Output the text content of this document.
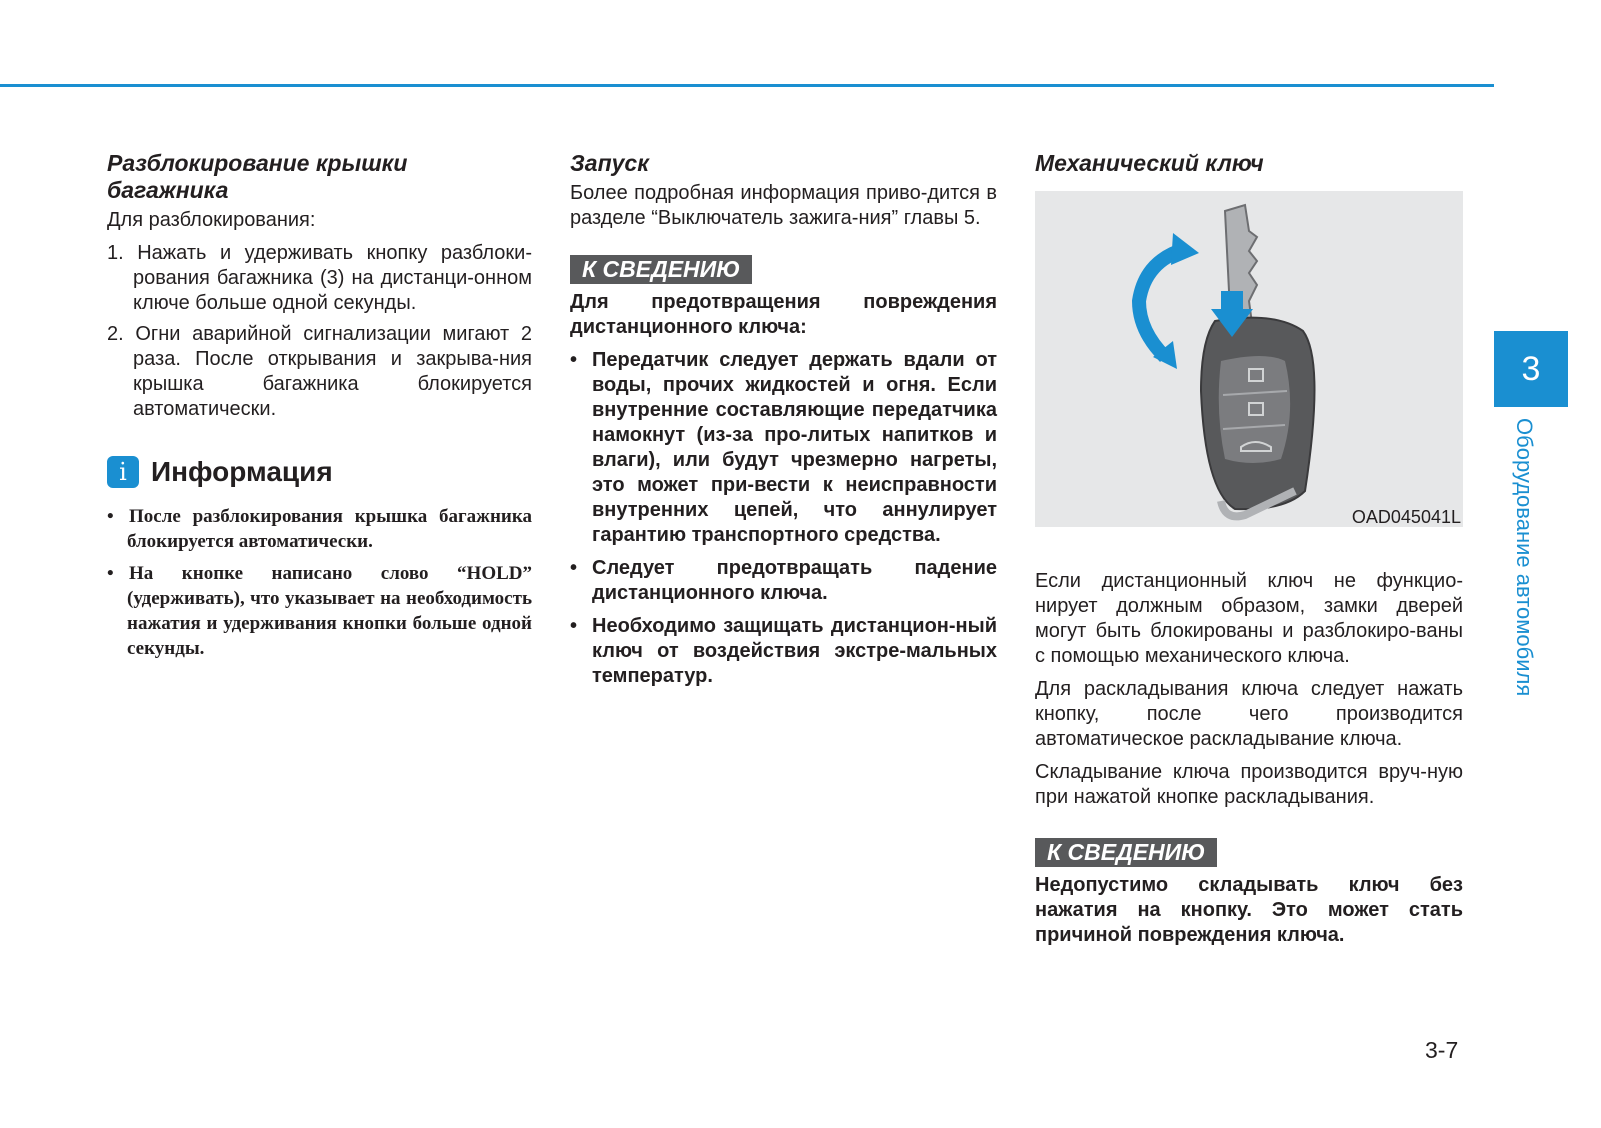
Разблокирование крышки багажника

Для разблокирования:

1. Нажать и удерживать кнопку разблоки-рования багажника (3) на дистанци-онном ключе больше одной секунды.
2. Огни аварийной сигнализации мигают 2 раза. После открывания и закрыва-ния крышка багажника блокируется автоматически.
i Информация
• После разблокирования крышка багажника блокируется автоматически.
• На кнопке написано слово “HOLD” (удерживать), что указывает на необходимость нажатия и удерживания кнопки больше одной секунды.
Запуск

Более подробная информация приво-дится в разделе “Выключатель зажига-ния” главы 5.

К СВЕДЕНИЮ
Для предотвращения повреждения дистанционного ключа:
• Передатчик следует держать вдали от воды, прочих жидкостей и огня. Если внутренние составляющие передатчика намокнут (из-за про-литых напитков и влаги), или будут чрезмерно нагреты, это может при-вести к неисправности внутренних цепей, что аннулирует гарантию транспортного средства.
• Следует предотвращать падение дистанционного ключа.
• Необходимо защищать дистанцион-ный ключ от воздействия экстре-мальных температур.
Механический ключ
OAD045041L

Если дистанционный ключ не функцио-нирует должным образом, замки дверей могут быть блокированы и разблокиро-ваны с помощью механического ключа.

Для раскладывания ключа следует нажать кнопку, после чего производится автоматическое раскладывание ключа.

Складывание ключа производится вруч-ную при нажатой кнопке раскладывания.

К СВЕДЕНИЮ
Недопустимо складывать ключ без нажатия на кнопку. Это может стать причиной повреждения ключа.
3
Оборудование автомобиля
3-7
